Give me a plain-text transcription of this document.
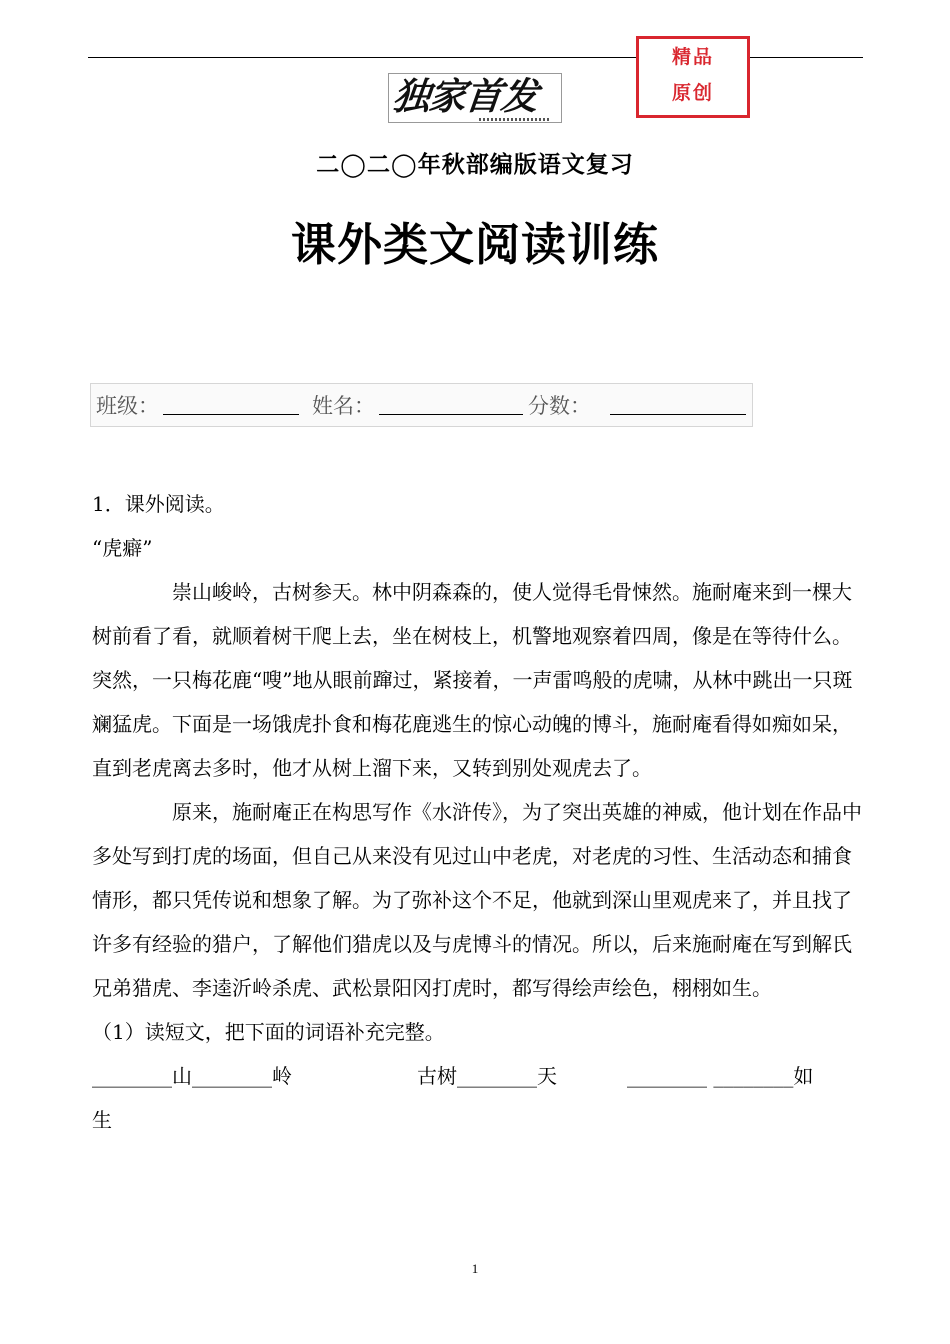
独家首发
精品
原创
二◯二◯年秋部编版语文复习
课外类文阅读训练
班级：	姓名：	分数：

1．课外阅读。

“虎癖”

崇山峻岭，古树参天。林中阴森森的，使人觉得毛骨悚然。施耐庵来到一棵大树前看了看，就顺着树干爬上去，坐在树枝上，机警地观察着四周，像是在等待什么。突然，一只梅花鹿“嗖”地从眼前蹿过，紧接着，一声雷鸣般的虎啸，从林中跳出一只斑斓猛虎。下面是一场饿虎扑食和梅花鹿逃生的惊心动魄的博斗，施耐庵看得如痴如呆，直到老虎离去多时，他才从树上溜下来，又转到别处观虎去了。

原来，施耐庵正在构思写作《水浒传》，为了突出英雄的神威，他计划在作品中多处写到打虎的场面，但自己从来没有见过山中老虎，对老虎的习性、生活动态和捕食情形，都只凭传说和想象了解。为了弥补这个不足，他就到深山里观虎来了，并且找了许多有经验的猎户，了解他们猎虎以及与虎博斗的情况。所以，后来施耐庵在写到解氏兄弟猎虎、李逵沂岭杀虎、武松景阳冈打虎时，都写得绘声绘色，栩栩如生。

（1）读短文，把下面的词语补充完整。

________山________岭	古树________天	________ ________如

生

1
